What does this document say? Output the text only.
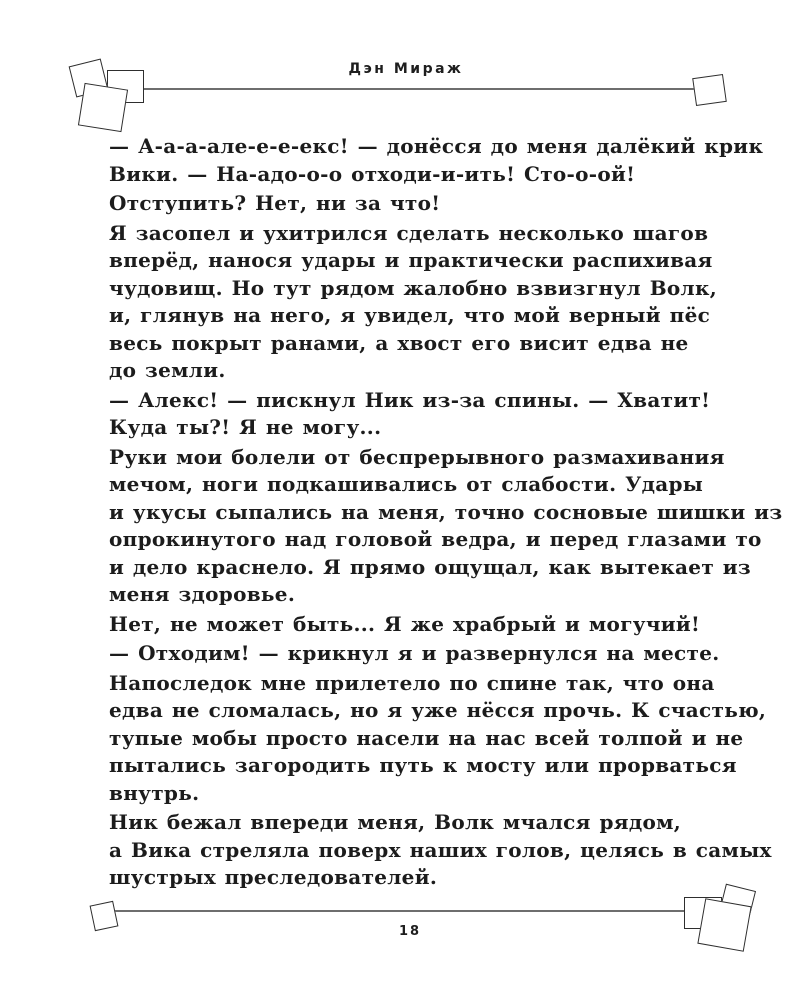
Дэн Мираж
— А-а-а-але-е-е-екс! — донёсся до меня далёкий крик
Вики. — На-адо-о-о отходи-и-ить! Сто-о-ой!
Отступить? Нет, ни за что!
Я засопел и ухитрился сделать несколько шагов
вперёд, нанося удары и практически распихивая
чудовищ. Но тут рядом жалобно взвизгнул Волк,
и, глянув на него, я увидел, что мой верный пёс
весь покрыт ранами, а хвост его висит едва не
до земли.
— Алекс! — пискнул Ник из-за спины. — Хватит!
Куда ты?! Я не могу...
Руки мои болели от беспрерывного размахивания
мечом, ноги подкашивались от слабости. Удары
и укусы сыпались на меня, точно сосновые шишки из
опрокинутого над головой ведра, и перед глазами то
и дело краснело. Я прямо ощущал, как вытекает из
меня здоровье.
Нет, не может быть... Я же храбрый и могучий!
— Отходим! — крикнул я и развернулся на месте.
Напоследок мне прилетело по спине так, что она
едва не сломалась, но я уже нёсся прочь. К счастью,
тупые мобы просто насели на нас всей толпой и не
пытались загородить путь к мосту или прорваться
внутрь.
Ник бежал впереди меня, Волк мчался рядом,
а Вика стреляла поверх наших голов, целясь в самых
шустрых преследователей.
18
